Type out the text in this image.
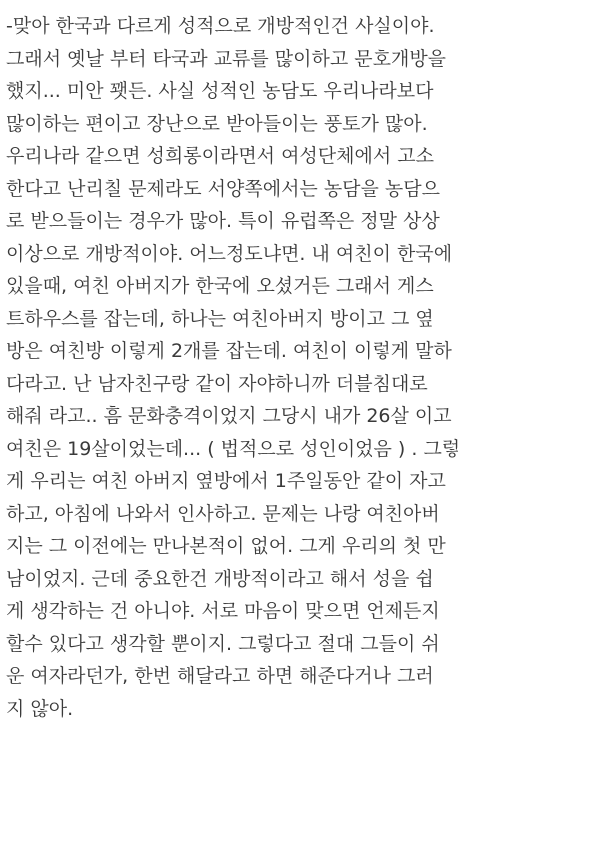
-맞아 한국과 다르게 성적으로 개방적인건 사실이야.
그래서 옛날 부터 타국과 교류를 많이하고 문호개방을
했지... 미안 꽷든. 사실 성적인 농담도 우리나라보다
많이하는 편이고 장난으로 받아들이는 풍토가 많아.
우리나라 같으면 성희롱이라면서 여성단체에서 고소
한다고 난리칠 문제라도 서양쪽에서는 농담을 농담으
로 받으들이는 경우가 많아. 특이 유럽쪽은 정말 상상
이상으로 개방적이야. 어느정도냐면. 내 여친이 한국에
있을때, 여친 아버지가 한국에 오셨거든 그래서 게스
트하우스를 잡는데, 하나는 여친아버지 방이고 그 옆
방은 여친방 이렇게 2개를 잡는데. 여친이 이렇게 말하
다라고. 난 남자친구랑 같이 자야하니까 더블침대로
해줘 라고.. 흠 문화충격이었지 그당시 내가 26살 이고
여친은 19살이었는데... ( 법적으로 성인이었음 ) . 그렇
게 우리는 여친 아버지 옆방에서 1주일동안 같이 자고
하고, 아침에 나와서 인사하고. 문제는 나랑 여친아버
지는 그 이전에는 만나본적이 없어. 그게 우리의 첫 만
남이었지. 근데 중요한건 개방적이라고 해서 성을 쉽
게 생각하는 건 아니야. 서로 마음이 맞으면 언제든지
할수 있다고 생각할 뿐이지. 그렇다고 절대 그들이 쉬
운 여자라던가, 한번 해달라고 하면 해준다거나 그러
지 않아.
